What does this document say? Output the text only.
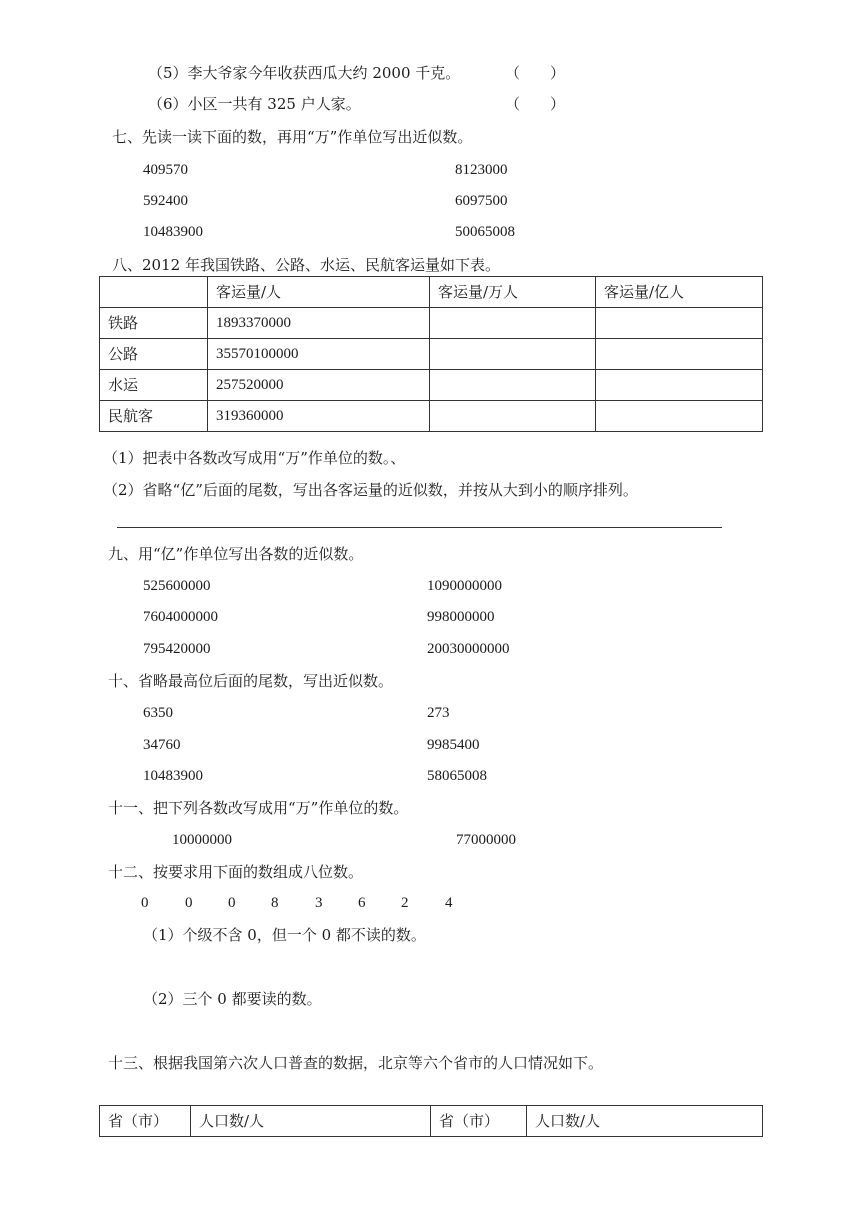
（5）李大爷家今年收获西瓜大约 2000 千克。	（　　）
（6）小区一共有 325 户人家。	（　　）
七、先读一读下面的数，再用“万”作单位写出近似数。
409570	8123000
592400	6097500
10483900	50065008
八、2012 年我国铁路、公路、水运、民航客运量如下表。
	客运量/人	客运量/万人	客运量/亿人
铁路	1893370000		
公路	35570100000		
水运	257520000		
民航客	319360000		
（1）把表中各数改写成用“万”作单位的数。、
（2）省略“亿”后面的尾数，写出各客运量的近似数，并按从大到小的顺序排列。
九、用“亿”作单位写出各数的近似数。
525600000	1090000000
7604000000	998000000
795420000	20030000000
十、省略最高位后面的尾数，写出近似数。
6350	273
34760	9985400
10483900	58065008
十一、把下列各数改写成用“万”作单位的数。
10000000	77000000
十二、按要求用下面的数组成八位数。
0 0 0 8 3 6 2 4
（1）个级不含 0，但一个 0 都不读的数。
（2）三个 0 都要读的数。
十三、根据我国第六次人口普查的数据，北京等六个省市的人口情况如下。
省（市）	人口数/人	省（市）	人口数/人
